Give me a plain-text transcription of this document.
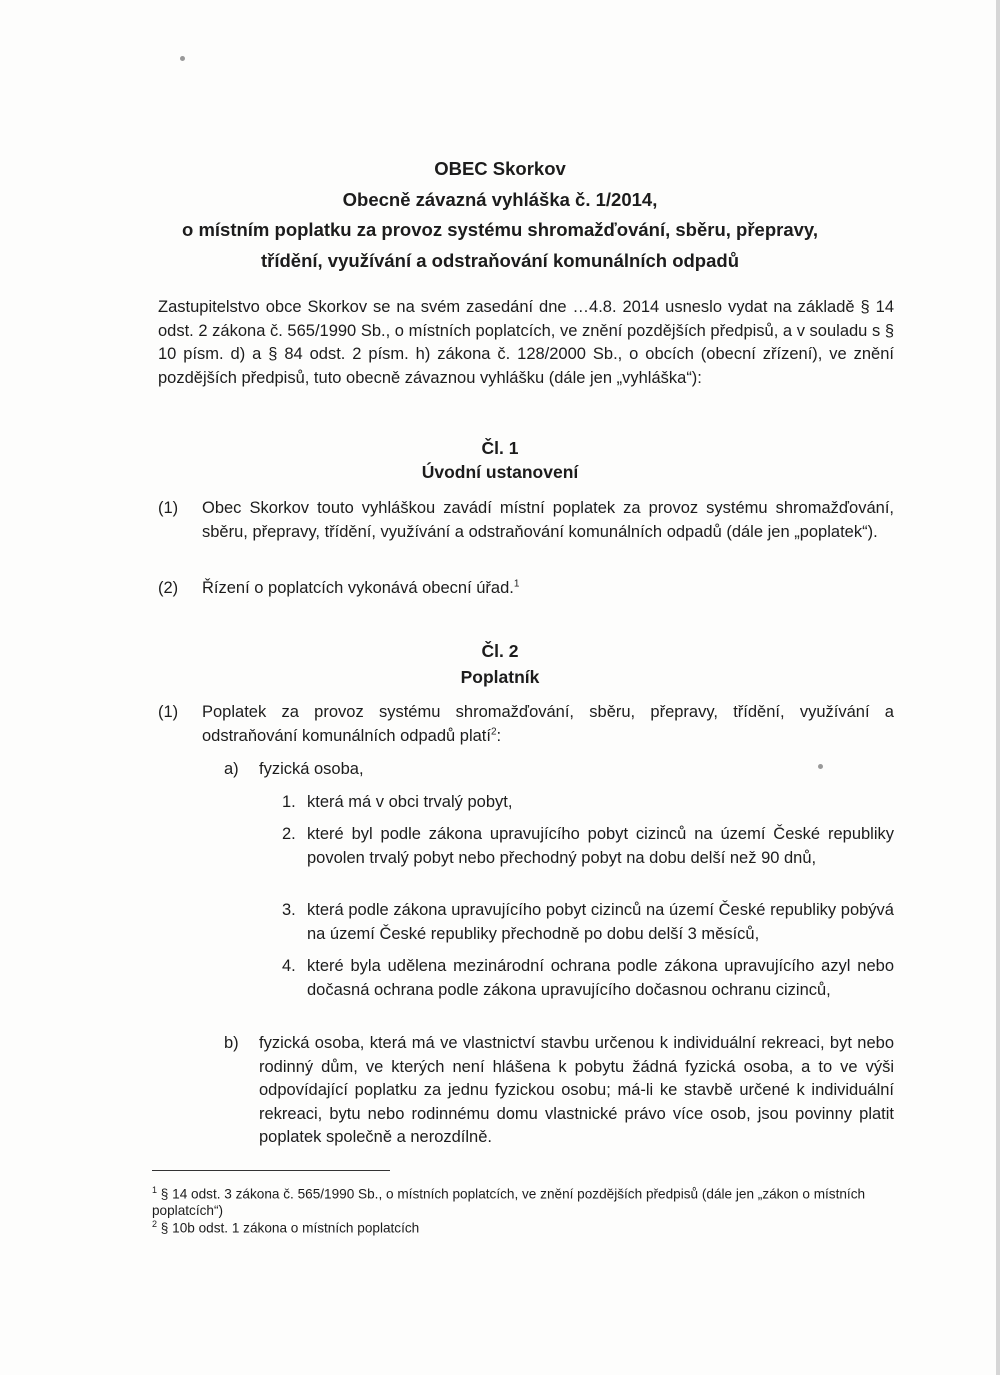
OBEC Skorkov
Obecně závazná vyhláška č. 1/2014,
o místním poplatku za provoz systému shromažďování, sběru, přepravy,
třídění, využívání a odstraňování komunálních odpadů
Zastupitelstvo obce Skorkov se na svém zasedání dne …4.8. 2014 usneslo vydat na základě § 14 odst. 2 zákona č. 565/1990 Sb., o místních poplatcích, ve znění pozdějších předpisů, a v souladu s § 10 písm. d) a § 84 odst. 2 písm. h) zákona č. 128/2000 Sb., o obcích (obecní zřízení), ve znění pozdějších předpisů, tuto obecně závaznou vyhlášku (dále jen „vyhláška“):
Čl. 1
Úvodní ustanovení
(1) Obec Skorkov touto vyhláškou zavádí místní poplatek za provoz systému shromažďování, sběru, přepravy, třídění, využívání a odstraňování komunálních odpadů (dále jen „poplatek“).
(2) Řízení o poplatcích vykonává obecní úřad.$^1$
Čl. 2
Poplatník
(1) Poplatek za provoz systému shromažďování, sběru, přepravy, třídění, využívání a odstraňování komunálních odpadů platí$^2$:
a) fyzická osoba,
1. která má v obci trvalý pobyt,
2. které byl podle zákona upravujícího pobyt cizinců na území České republiky povolen trvalý pobyt nebo přechodný pobyt na dobu delší než 90 dnů,
3. která podle zákona upravujícího pobyt cizinců na území České republiky pobývá na území České republiky přechodně po dobu delší 3 měsíců,
4. které byla udělena mezinárodní ochrana podle zákona upravujícího azyl nebo dočasná ochrana podle zákona upravujícího dočasnou ochranu cizinců,
b) fyzická osoba, která má ve vlastnictví stavbu určenou k individuální rekreaci, byt nebo rodinný dům, ve kterých není hlášena k pobytu žádná fyzická osoba, a to ve výši odpovídající poplatku za jednu fyzickou osobu; má-li ke stavbě určené k individuální rekreaci, bytu nebo rodinnému domu vlastnické právo více osob, jsou povinny platit poplatek společně a nerozdílně.
$^1$ § 14 odst. 3 zákona č. 565/1990 Sb., o místních poplatcích, ve znění pozdějších předpisů (dále jen „zákon o místních poplatcích“)
$^2$ § 10b odst. 1 zákona o místních poplatcích
